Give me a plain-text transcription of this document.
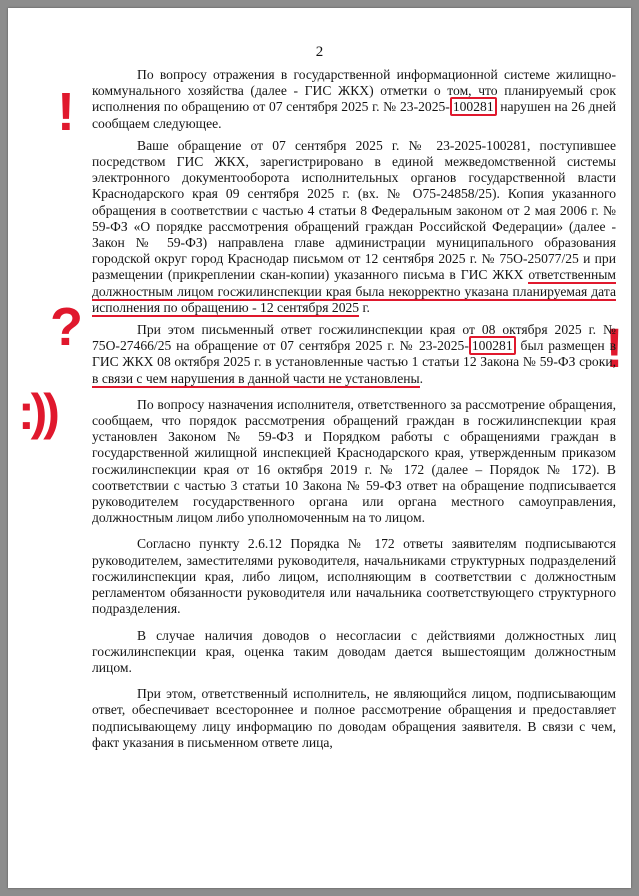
2
!
?	!
:))

По вопросу отражения в государственной информационной системе жилищно-коммунального хозяйства (далее - ГИС ЖКХ) отметки о том, что планируемый срок исполнения по обращению от 07 сентября 2025 г. № 23-2025- 100281 нарушен на 26 дней сообщаем следующее.

Ваше обращение от 07 сентября 2025 г. № 23-2025-100281, поступившее посредством ГИС ЖКХ, зарегистрировано в единой межведомственной системы электронного документооборота исполнительных органов государственной власти Краснодарского края 09 сентября 2025 г. (вх. № О75-24858/25). Копия указанного обращения в соответствии с частью 4 статьи 8 Федеральным законом от 2 мая 2006 г. № 59-ФЗ «О порядке рассмотрения обращений граждан Российской Федерации» (далее - Закон № 59-ФЗ) направлена главе администрации муниципального образования городской округ город Краснодар письмом от 12 сентября 2025 г. № 75О-25077/25 и при размещении (прикреплении скан-копии) указанного письма в ГИС ЖКХ ответственным должностным лицом госжилинспекции края была некорректно указана планируемая дата исполнения по обращению - 12 сентября 2025 г.

При этом письменный ответ госжилинспекции края от 08 октября 2025 г. № 75О-27466/25 на обращение от 07 сентября 2025 г. № 23-2025- 100281 был размещен в ГИС ЖКХ 08 октября 2025 г. в установленные частью 1 статьи 12 Закона № 59-ФЗ сроки, в связи с чем нарушения в данной части не установлены.

По вопросу назначения исполнителя, ответственного за рассмотрение обращения, сообщаем, что порядок рассмотрения обращений граждан в госжилинспекции края установлен Законом № 59-ФЗ и Порядком работы с обращениями граждан в государственной жилищной инспекцией Краснодарского края, утвержденным приказом госжилинспекции края от 16 октября 2019 г. № 172 (далее – Порядок № 172). В соответствии с частью 3 статьи 10 Закона № 59-ФЗ ответ на обращение подписывается руководителем государственного органа или органа местного самоуправления, должностным лицом либо уполномоченным на то лицом.

Согласно пункту 2.6.12 Порядка № 172 ответы заявителям подписываются руководителем, заместителями руководителя, начальниками структурных подразделений госжилинспекции края, либо лицом, исполняющим в соответствии с должностным регламентом обязанности руководителя или начальника соответствующего структурного подразделения.

В случае наличия доводов о несогласии с действиями должностных лиц госжилинспекции края, оценка таким доводам дается вышестоящим должностным лицом.

При этом, ответственный исполнитель, не являющийся лицом, подписывающим ответ, обеспечивает всестороннее и полное рассмотрение обращения и предоставляет подписывающему лицу информацию по доводам обращения заявителя. В связи с чем, факт указания в письменном ответе лица,
